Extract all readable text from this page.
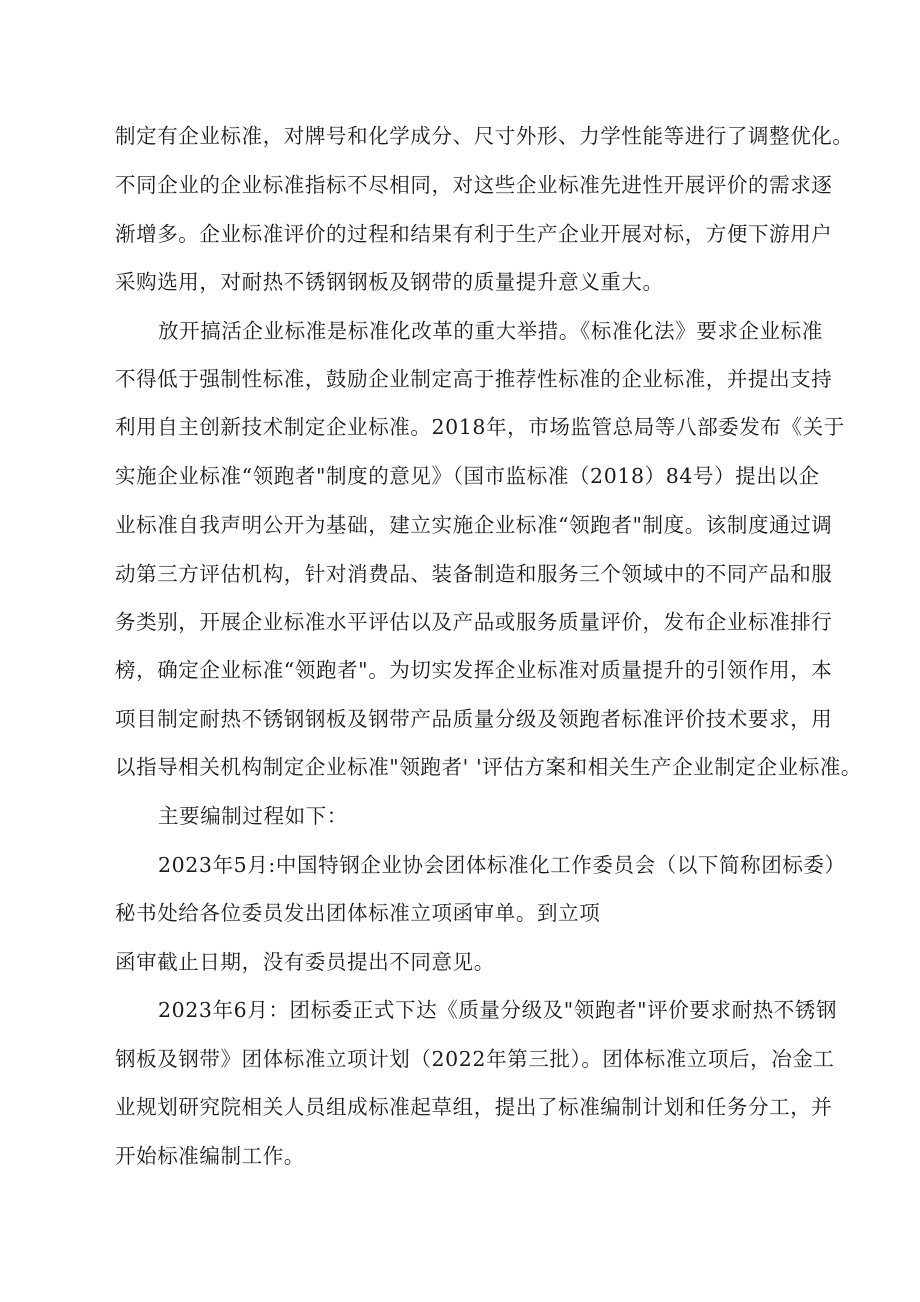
制定有企业标准，对牌号和化学成分、尺寸外形、力学性能等进行了调整优化。
不同企业的企业标准指标不尽相同，对这些企业标准先进性开展评价的需求逐
渐增多。企业标准评价的过程和结果有利于生产企业开展对标，方便下游用户
采购选用，对耐热不锈钢钢板及钢带的质量提升意义重大。
放开搞活企业标准是标准化改革的重大举措。《标准化法》要求企业标准
不得低于强制性标准，鼓励企业制定高于推荐性标准的企业标准，并提出支持
利用自主创新技术制定企业标准。2018年，市场监管总局等八部委发布《关于
实施企业标准“领跑者"制度的意见》（国市监标准（2018）84号）提出以企
业标准自我声明公开为基础，建立实施企业标准“领跑者"制度。该制度通过调
动第三方评估机构，针对消费品、装备制造和服务三个领域中的不同产品和服
务类别，开展企业标准水平评估以及产品或服务质量评价，发布企业标准排行
榜，确定企业标准“领跑者"。为切实发挥企业标准对质量提升的引领作用，本
项目制定耐热不锈钢钢板及钢带产品质量分级及领跑者标准评价技术要求，用
以指导相关机构制定企业标准"领跑者' '评估方案和相关生产企业制定企业标准。
主要编制过程如下：
2023年5月:中国特钢企业协会团体标准化工作委员会（以下简称团标委）
秘书处给各位委员发出团体标准立项函审单。到立项
函审截止日期，没有委员提出不同意见。
2023年6月：团标委正式下达《质量分级及"领跑者"评价要求耐热不锈钢
钢板及钢带》团体标准立项计划（2022年第三批）。团体标准立项后，冶金工
业规划研究院相关人员组成标准起草组，提出了标准编制计划和任务分工，并
开始标准编制工作。
